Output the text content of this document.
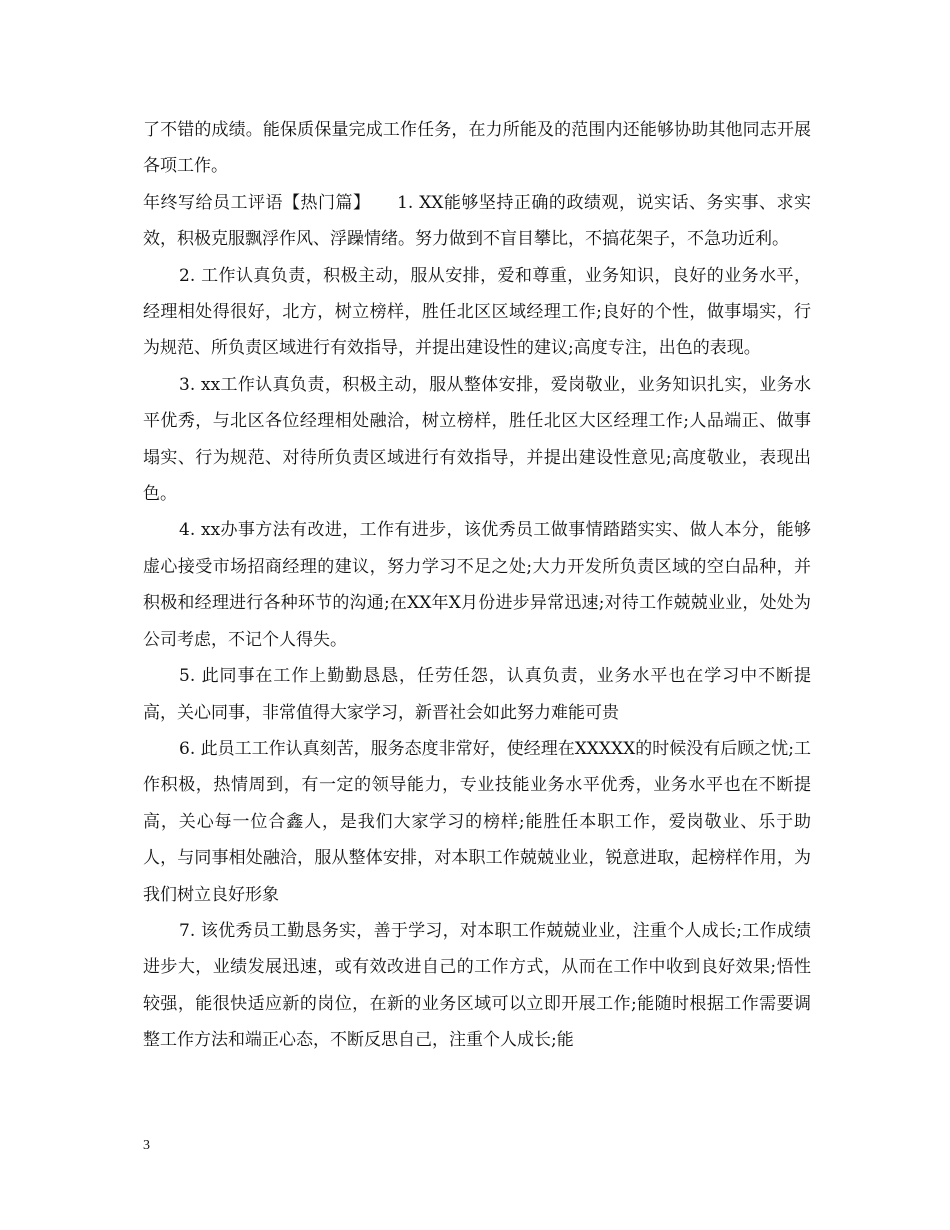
了不错的成绩。能保质保量完成工作任务，在力所能及的范围内还能够协助其他同志开展各项工作。

年终写给员工评语【热门篇】　　1. XX能够坚持正确的政绩观，说实话、务实事、求实效，积极克服飘浮作风、浮躁情绪。努力做到不盲目攀比，不搞花架子，不急功近利。

2. 工作认真负责，积极主动，服从安排，爱和尊重，业务知识，良好的业务水平，经理相处得很好，北方，树立榜样，胜任北区区域经理工作;良好的个性，做事塌实，行为规范、所负责区域进行有效指导，并提出建设性的建议;高度专注，出色的表现。

3. xx工作认真负责，积极主动，服从整体安排，爱岗敬业，业务知识扎实，业务水平优秀，与北区各位经理相处融洽，树立榜样，胜任北区大区经理工作;人品端正、做事塌实、行为规范、对待所负责区域进行有效指导，并提出建设性意见;高度敬业，表现出色。

4. xx办事方法有改进，工作有进步，该优秀员工做事情踏踏实实、做人本分，能够虚心接受市场招商经理的建议，努力学习不足之处;大力开发所负责区域的空白品种，并积极和经理进行各种环节的沟通;在XX年X月份进步异常迅速;对待工作兢兢业业，处处为公司考虑，不记个人得失。

5. 此同事在工作上勤勤恳恳，任劳任怨，认真负责，业务水平也在学习中不断提高，关心同事，非常值得大家学习，新晋社会如此努力难能可贵

6. 此员工工作认真刻苦，服务态度非常好，使经理在XXXXX的时候没有后顾之忧;工作积极，热情周到，有一定的领导能力，专业技能业务水平优秀，业务水平也在不断提高，关心每一位合鑫人，是我们大家学习的榜样;能胜任本职工作，爱岗敬业、乐于助人，与同事相处融洽，服从整体安排，对本职工作兢兢业业，锐意进取，起榜样作用，为我们树立良好形象

7. 该优秀员工勤恳务实，善于学习，对本职工作兢兢业业，注重个人成长;工作成绩进步大，业绩发展迅速，或有效改进自己的工作方式，从而在工作中收到良好效果;悟性较强，能很快适应新的岗位，在新的业务区域可以立即开展工作;能随时根据工作需要调整工作方法和端正心态，不断反思自己，注重个人成长;能

3
